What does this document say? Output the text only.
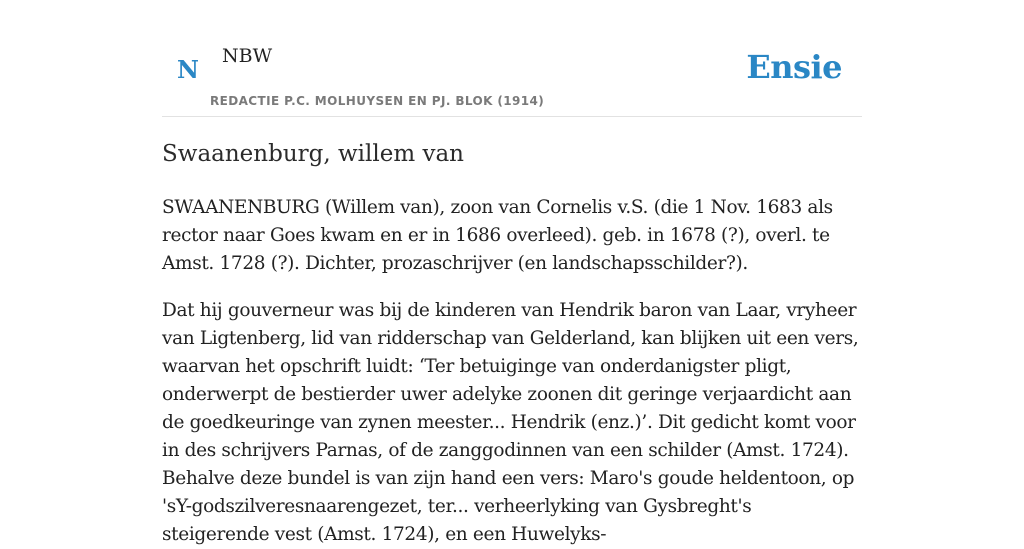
N NBW
REDACTIE P.C. MOLHUYSEN EN PJ. BLOK (1914)
Ensie
Swaanenburg, willem van

SWAANENBURG (Willem van), zoon van Cornelis v.S. (die 1 Nov. 1683 als rector naar Goes kwam en er in 1686 overleed). geb. in 1678 (?), overl. te Amst. 1728 (?). Dichter, prozaschrijver (en landschapsschilder?).

Dat hij gouverneur was bij de kinderen van Hendrik baron van Laar, vryheer van Ligtenberg, lid van ridderschap van Gelderland, kan blijken uit een vers, waarvan het opschrift luidt: ‘Ter betuiginge van onderdanigster pligt, onderwerpt de bestierder uwer adelyke zoonen dit geringe verjaardicht aan de goedkeuringe van zynen meester... Hendrik (enz.)’. Dit gedicht komt voor in des schrijvers Parnas, of de zanggodinnen van een schilder (Amst. 1724). Behalve deze bundel is van zijn hand een vers: Maro's goude heldentoon, op 'sY-godszilveresnaarengezet, ter... verheerlyking van Gysbreght's steigerende vest (Amst. 1724), en een Huwelyks-
